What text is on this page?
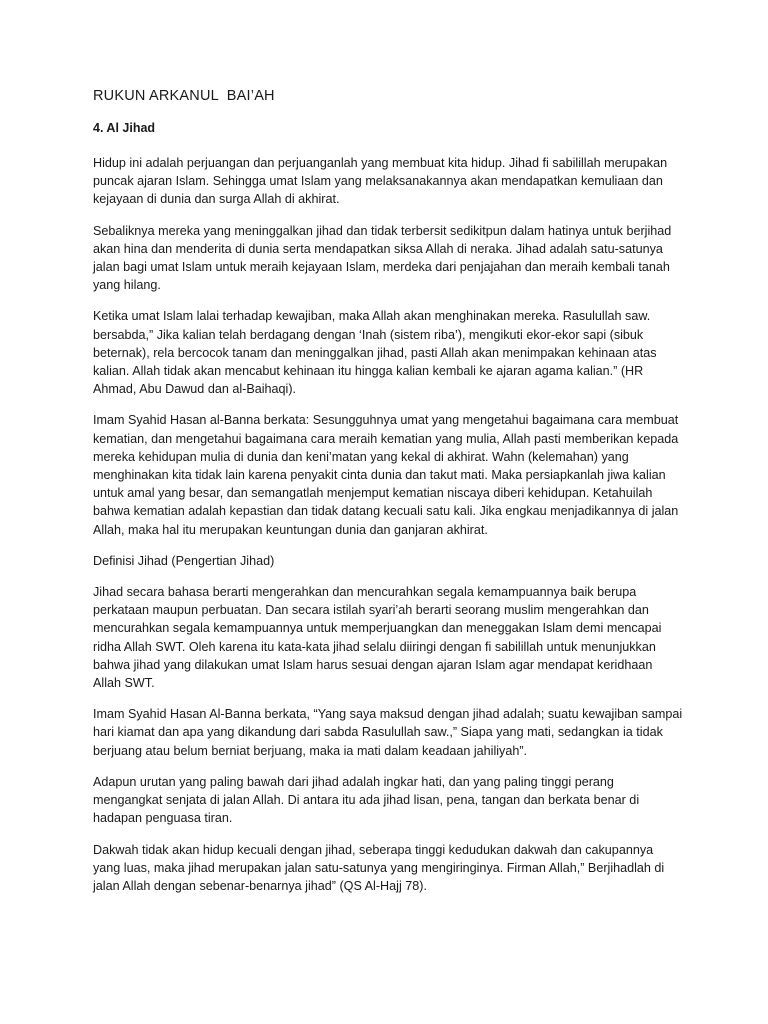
RUKUN ARKANUL  BAI’AH
4. Al Jihad

Hidup ini adalah perjuangan dan perjuanganlah yang membuat kita hidup. Jihad fi sabilillah merupakan puncak ajaran Islam. Sehingga umat Islam yang melaksanakannya akan mendapatkan kemuliaan dan kejayaan di dunia dan surga Allah di akhirat.

Sebaliknya mereka yang meninggalkan jihad dan tidak terbersit sedikitpun dalam hatinya untuk berjihad akan hina dan menderita di dunia serta mendapatkan siksa Allah di neraka. Jihad adalah satu-satunya jalan bagi umat Islam untuk meraih kejayaan Islam, merdeka dari penjajahan dan meraih kembali tanah yang hilang.

Ketika umat Islam lalai terhadap kewajiban, maka Allah akan menghinakan mereka. Rasulullah saw. bersabda,” Jika kalian telah berdagang dengan ‘Inah (sistem riba’), mengikuti ekor-ekor sapi (sibuk beternak), rela bercocok tanam dan meninggalkan jihad, pasti Allah akan menimpakan kehinaan atas kalian. Allah tidak akan mencabut kehinaan itu hingga kalian kembali ke ajaran agama kalian.” (HR Ahmad, Abu Dawud dan al-Baihaqi).

Imam Syahid Hasan al-Banna berkata: Sesungguhnya umat yang mengetahui bagaimana cara membuat kematian, dan mengetahui bagaimana cara meraih kematian yang mulia, Allah pasti memberikan kepada mereka kehidupan mulia di dunia dan keni’matan yang kekal di akhirat. Wahn (kelemahan) yang menghinakan kita tidak lain karena penyakit cinta dunia dan takut mati. Maka persiapkanlah jiwa kalian untuk amal yang besar, dan semangatlah menjemput kematian niscaya diberi kehidupan. Ketahuilah bahwa kematian adalah kepastian dan tidak datang kecuali satu kali. Jika engkau menjadikannya di jalan Allah, maka hal itu merupakan keuntungan dunia dan ganjaran akhirat.

Definisi Jihad (Pengertian Jihad)

Jihad secara bahasa berarti mengerahkan dan mencurahkan segala kemampuannya baik berupa perkataan maupun perbuatan. Dan secara istilah syari’ah berarti seorang muslim mengerahkan dan mencurahkan segala kemampuannya untuk memperjuangkan dan meneggakan Islam demi mencapai ridha Allah SWT. Oleh karena itu kata-kata jihad selalu diiringi dengan fi sabilillah untuk menunjukkan bahwa jihad yang dilakukan umat Islam harus sesuai dengan ajaran Islam agar mendapat keridhaan Allah SWT.

Imam Syahid Hasan Al-Banna berkata, “Yang saya maksud dengan jihad adalah; suatu kewajiban sampai hari kiamat dan apa yang dikandung dari sabda Rasulullah saw.,” Siapa yang mati, sedangkan ia tidak berjuang atau belum berniat berjuang, maka ia mati dalam keadaan jahiliyah”.

Adapun urutan yang paling bawah dari jihad adalah ingkar hati, dan yang paling tinggi perang mengangkat senjata di jalan Allah. Di antara itu ada jihad lisan, pena, tangan dan berkata benar di hadapan penguasa tiran.

Dakwah tidak akan hidup kecuali dengan jihad, seberapa tinggi kedudukan dakwah dan cakupannya yang luas, maka jihad merupakan jalan satu-satunya yang mengiringinya. Firman Allah,” Berjihadlah di jalan Allah dengan sebenar-benarnya jihad” (QS Al-Hajj 78).
